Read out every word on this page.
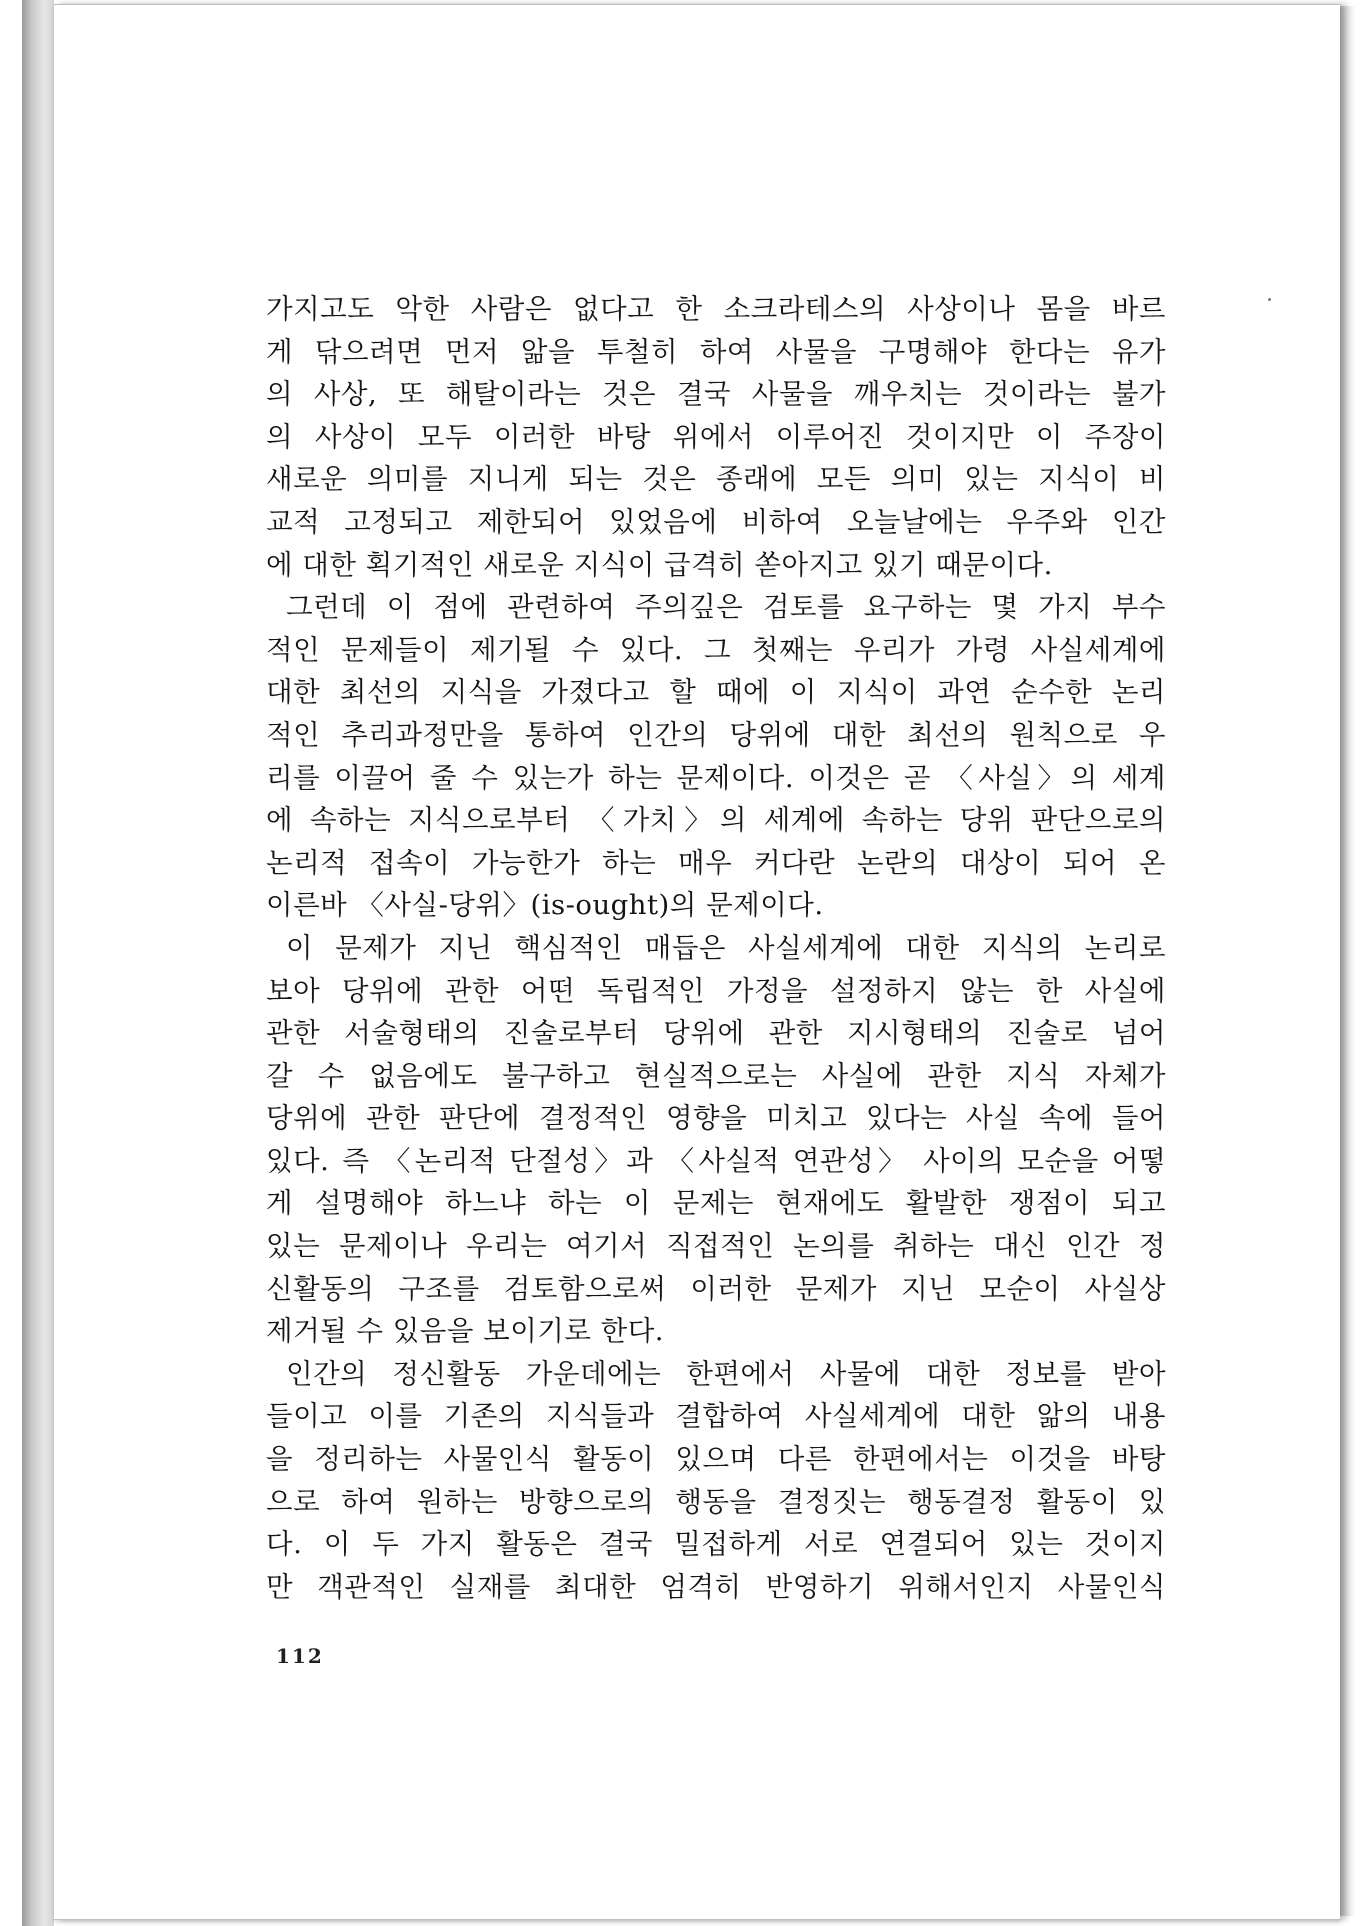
가지고도 악한 사람은 없다고 한 소크라테스의 사상이나 몸을 바르
게 닦으려면 먼저 앎을 투철히 하여 사물을 구명해야 한다는 유가
의 사상, 또 해탈이라는 것은 결국 사물을 깨우치는 것이라는 불가
의 사상이 모두 이러한 바탕 위에서 이루어진 것이지만 이 주장이
새로운 의미를 지니게 되는 것은 종래에 모든 의미 있는 지식이 비
교적 고정되고 제한되어 있었음에 비하여 오늘날에는 우주와 인간
에 대한 획기적인 새로운 지식이 급격히 쏟아지고 있기 때문이다.
그런데 이 점에 관련하여 주의깊은 검토를 요구하는 몇 가지 부수
적인 문제들이 제기될 수 있다. 그 첫째는 우리가 가령 사실세계에
대한 최선의 지식을 가졌다고 할 때에 이 지식이 과연 순수한 논리
적인 추리과정만을 통하여 인간의 당위에 대한 최선의 원칙으로 우
리를 이끌어 줄 수 있는가 하는 문제이다. 이것은 곧 〈사실〉의 세계
에 속하는 지식으로부터 〈가치〉의 세계에 속하는 당위 판단으로의
논리적 접속이 가능한가 하는 매우 커다란 논란의 대상이 되어 온
이른바 〈사실-당위〉(is-ought)의 문제이다.
이 문제가 지닌 핵심적인 매듭은 사실세계에 대한 지식의 논리로
보아 당위에 관한 어떤 독립적인 가정을 설정하지 않는 한 사실에
관한 서술형태의 진술로부터 당위에 관한 지시형태의 진술로 넘어
갈 수 없음에도 불구하고 현실적으로는 사실에 관한 지식 자체가
당위에 관한 판단에 결정적인 영향을 미치고 있다는 사실 속에 들어
있다. 즉 〈논리적 단절성〉과 〈사실적 연관성〉 사이의 모순을 어떻
게 설명해야 하느냐 하는 이 문제는 현재에도 활발한 쟁점이 되고
있는 문제이나 우리는 여기서 직접적인 논의를 취하는 대신 인간 정
신활동의 구조를 검토함으로써 이러한 문제가 지닌 모순이 사실상
제거될 수 있음을 보이기로 한다.
인간의 정신활동 가운데에는 한편에서 사물에 대한 정보를 받아
들이고 이를 기존의 지식들과 결합하여 사실세계에 대한 앎의 내용
을 정리하는 사물인식 활동이 있으며 다른 한편에서는 이것을 바탕
으로 하여 원하는 방향으로의 행동을 결정짓는 행동결정 활동이 있
다. 이 두 가지 활동은 결국 밀접하게 서로 연결되어 있는 것이지
만 객관적인 실재를 최대한 엄격히 반영하기 위해서인지 사물인식
112
